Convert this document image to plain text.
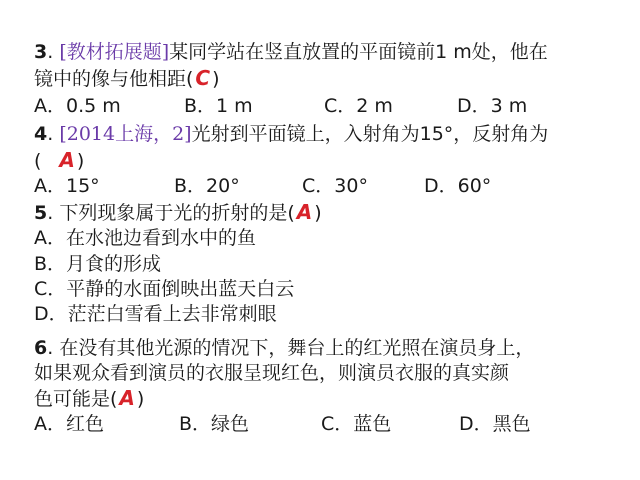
3. [教材拓展题]某同学站在竖直放置的平面镜前1 m处，他在
镜中的像与他相距( C )
A．0.5 m	B．1 m	C．2 m	D．3 m
4. [2014上海，2]光射到平面镜上，入射角为15°，反射角为
( A )
A．15°	B．20°	C．30°	D．60°
5. 下列现象属于光的折射的是( A )
A．在水池边看到水中的鱼
B．月食的形成
C．平静的水面倒映出蓝天白云
D．茫茫白雪看上去非常刺眼
6. 在没有其他光源的情况下，舞台上的红光照在演员身上，
如果观众看到演员的衣服呈现红色，则演员衣服的真实颜
色可能是( A )
A．红色	B．绿色	C．蓝色	D．黑色
